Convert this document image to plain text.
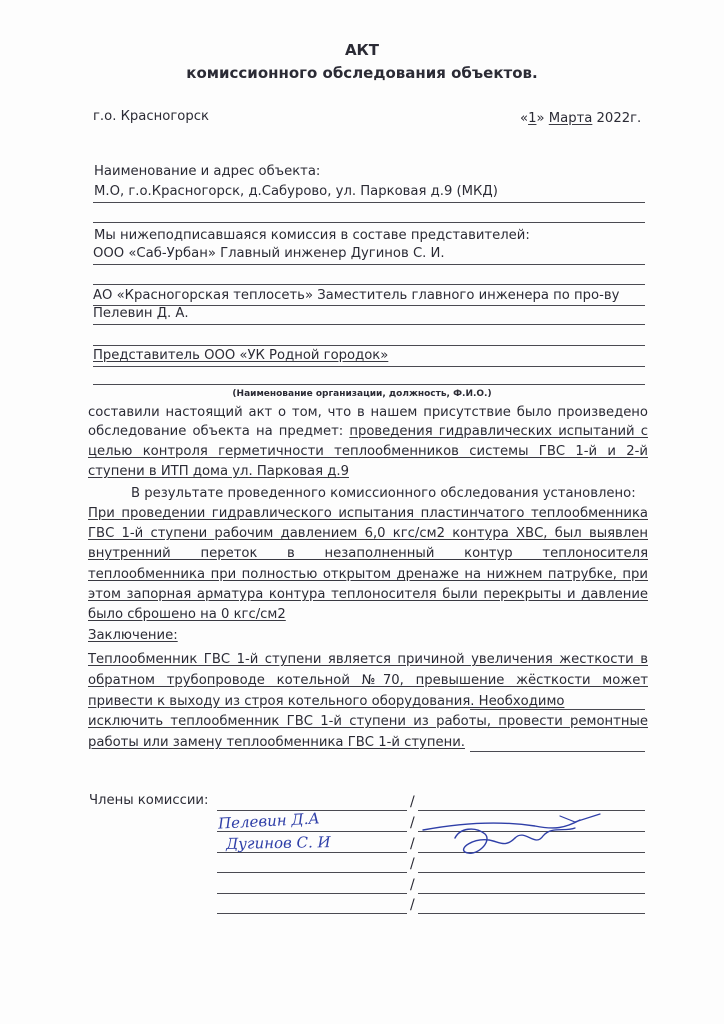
АКТ
комиссионного обследования объектов.
г.о. Красногорск	«1» Марта 2022г.
Наименование и адрес объекта:
М.О, г.о.Красногорск, д.Сабурово, ул. Парковая д.9 (МКД)
Мы нижеподписавшаяся комиссия в составе представителей:
ООО «Саб-Урбан» Главный инженер Дугинов С. И.
АО «Красногорская теплосеть» Заместитель главного инженера по про-ву
Пелевин Д. А.
Представитель ООО «УК Родной городок»
(Наименование организации, должность, Ф.И.О.)
составили настоящий акт о том, что в нашем присутствие было произведено
обследование объекта на предмет: проведения гидравлических испытаний с
целью контроля герметичности теплообменников системы ГВС 1-й и 2-й
ступени в ИТП дома ул. Парковая д.9
В результате проведенного комиссионного обследования установлено:
При проведении гидравлического испытания пластинчатого теплообменника
ГВС 1-й ступени рабочим давлением 6,0 кгс/см2 контура ХВС, был выявлен
внутренний перетоκ в незаполненный контур теплоносителя
теплообменника при полностью открытом дренаже на нижнем патрубке, при
этом запорная арматура контура теплоносителя были перекрыты и давление
было сброшено на 0 кгс/см2
Заключение:
Теплообменник ГВС 1-й ступени является причиной увеличения жесткости в
обратном трубопроводе котельной №70, превышение жёсткости может
привести к выходу из строя котельного оборудования. Необходимо
исключить теплообменник ГВС 1-й ступени из работы, провести ремонтные
работы или замену теплообменника ГВС 1-й ступени.
Члены комиссии:	/
/
/
/
/
/
Пелевин Д.А
Дугинов С. И
